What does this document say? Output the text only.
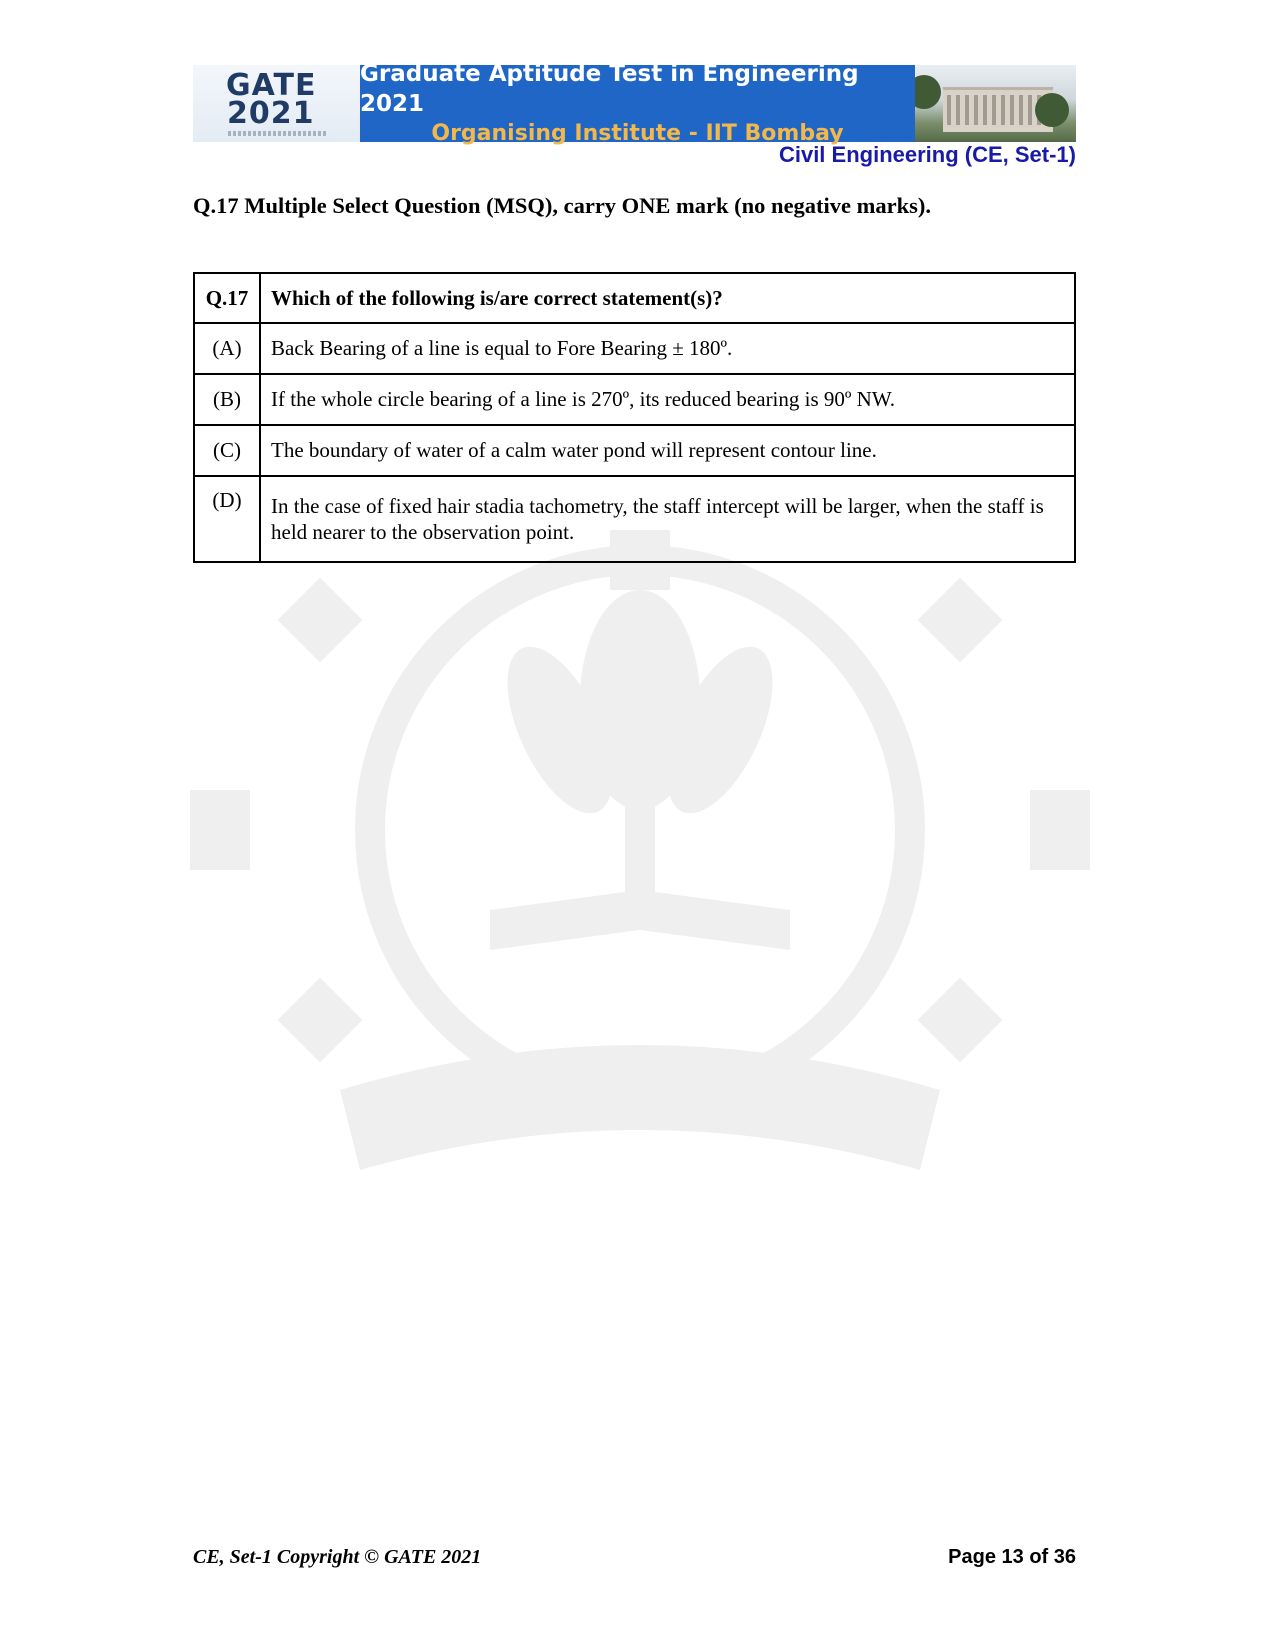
GATE
2021
Graduate Aptitude Test in Engineering 2021
Organising Institute - IIT Bombay
Civil Engineering (CE, Set-1)
Q.17 Multiple Select Question (MSQ), carry ONE mark (no negative marks).
Q.17	Which of the following is/are correct statement(s)?
(A)	Back Bearing of a line is equal to Fore Bearing ± 180º.
(B)	If the whole circle bearing of a line is 270º, its reduced bearing is 90º NW.
(C)	The boundary of water of a calm water pond will represent contour line.
(D)	In the case of fixed hair stadia tachometry, the staff intercept will be larger, when the staff is held nearer to the observation point.
CE, Set-1 Copyright © GATE 2021	Page 13 of 36
